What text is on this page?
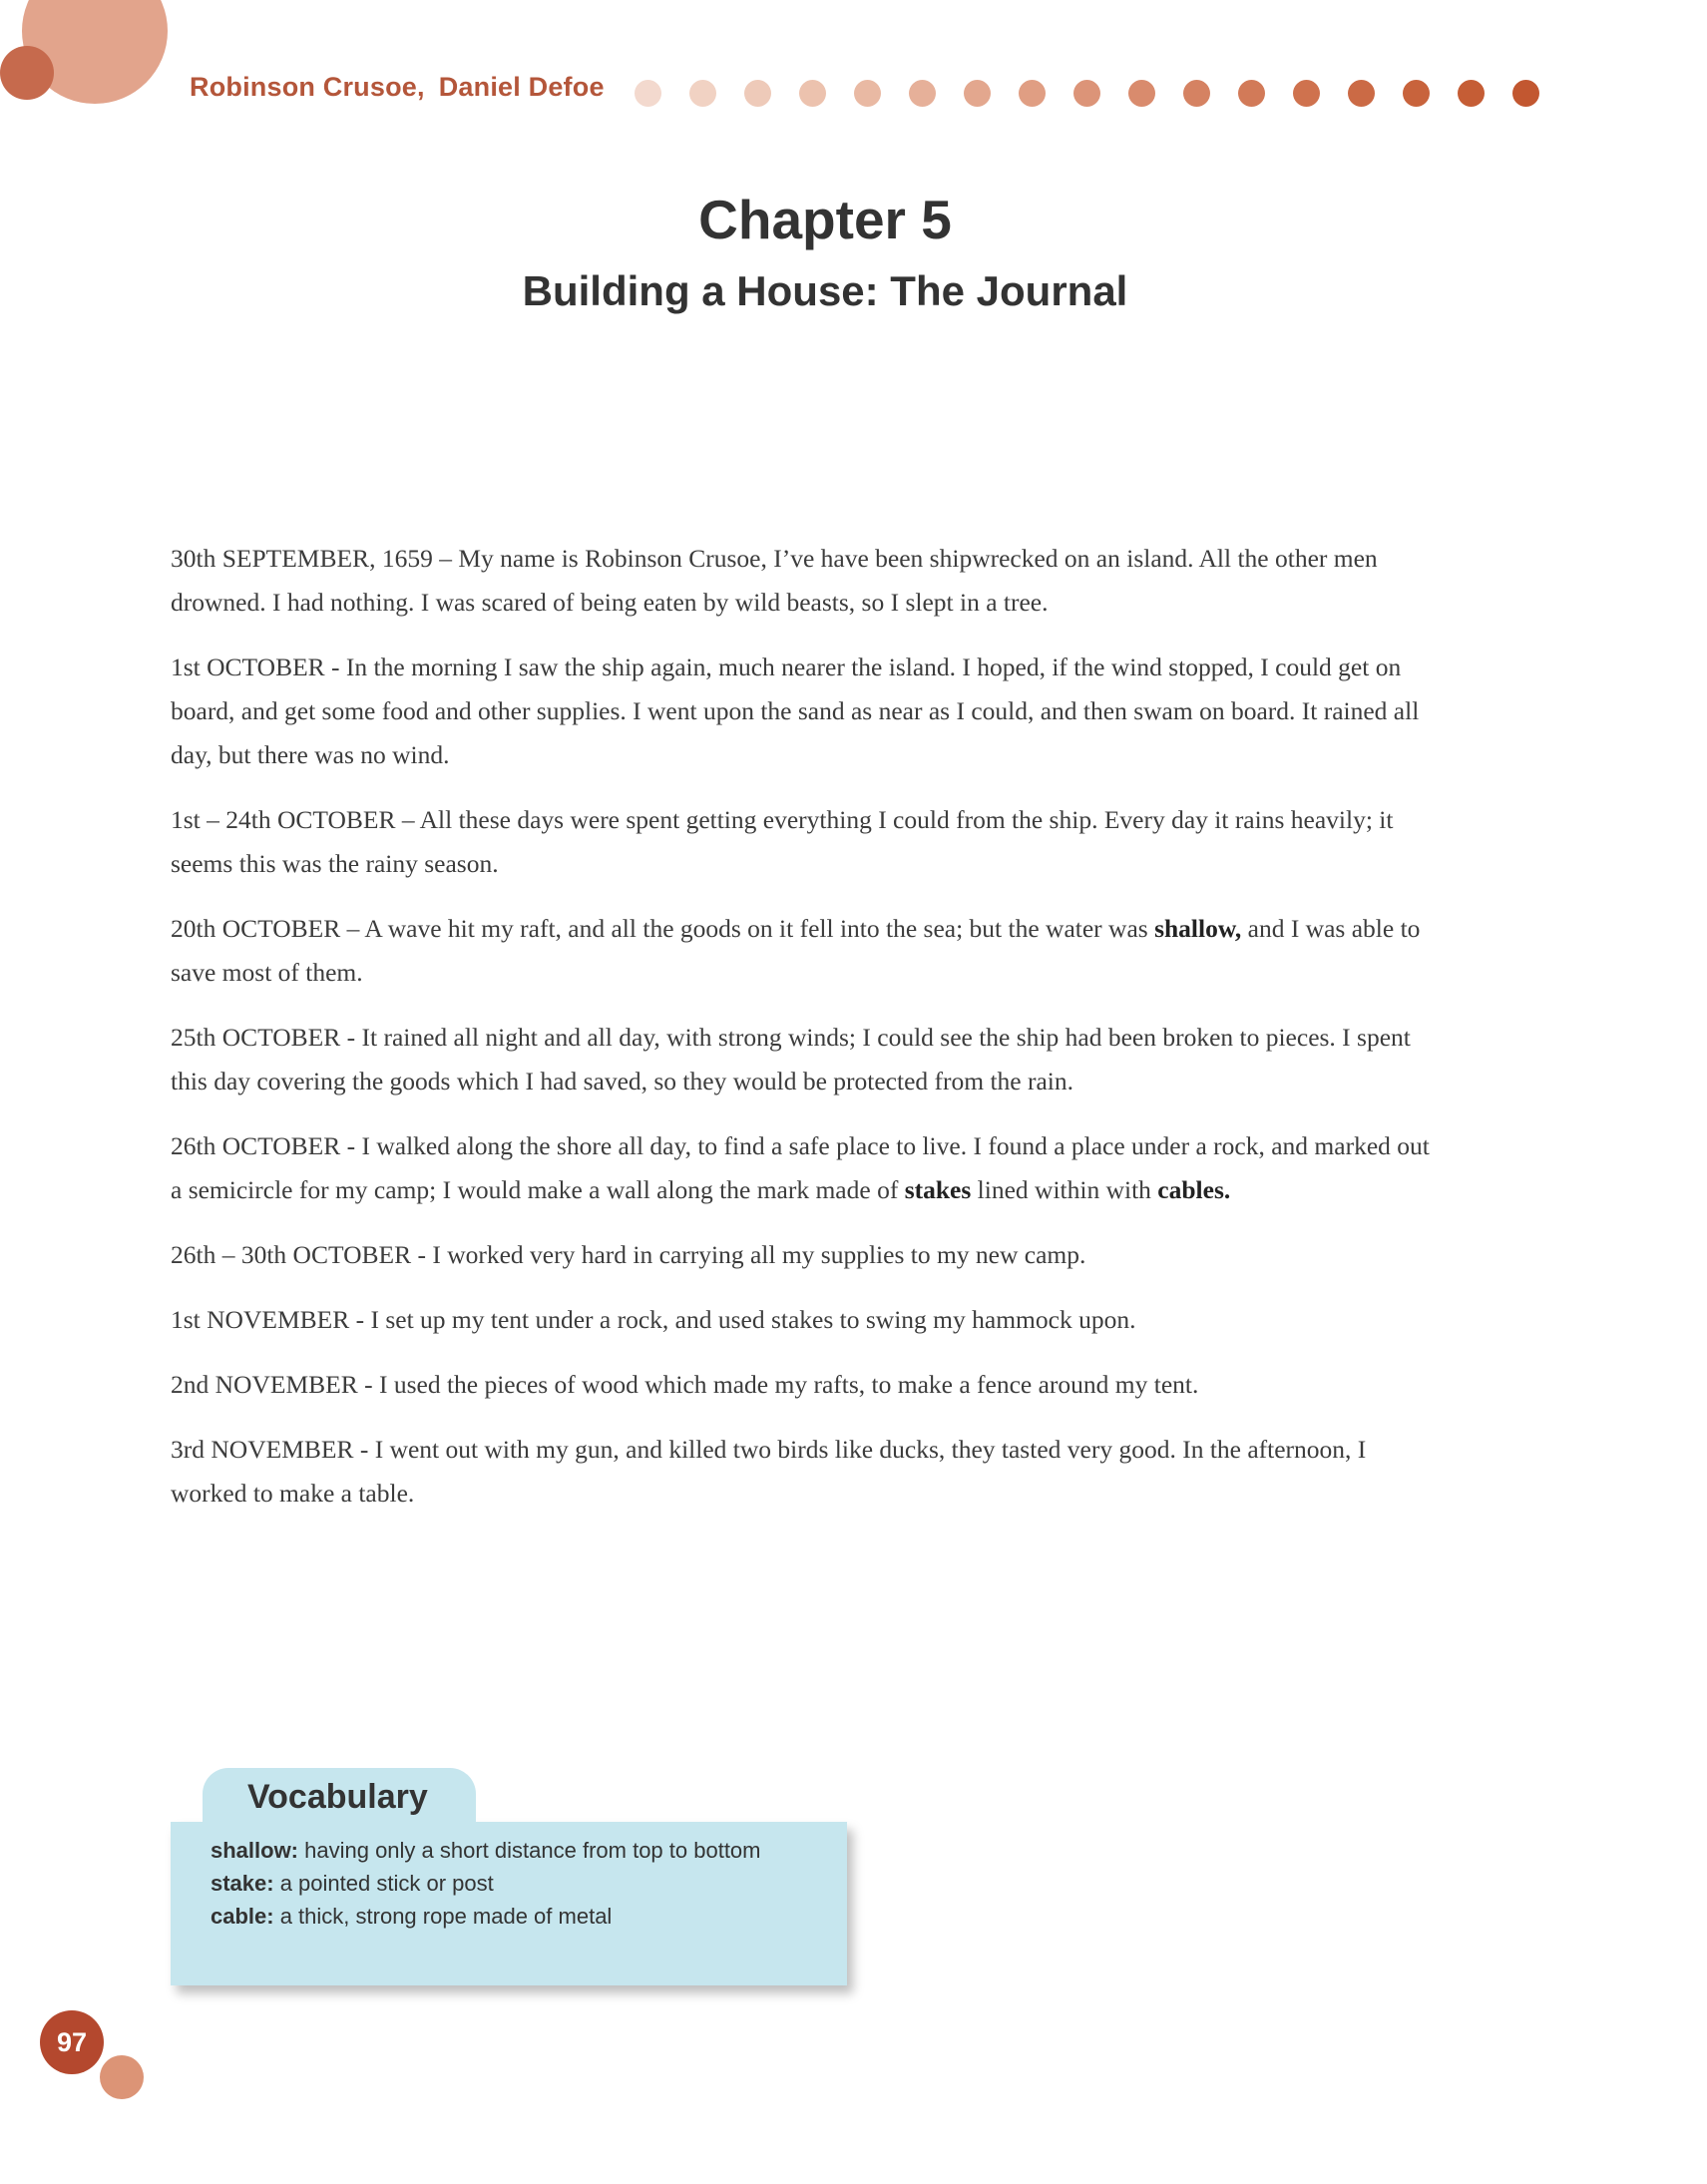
Robinson Crusoe, Daniel Defoe
Chapter 5
Building a House: The Journal

30th SEPTEMBER, 1659 – My name is Robinson Crusoe, I’ve have been shipwrecked on an island. All the other men drowned. I had nothing. I was scared of being eaten by wild beasts, so I slept in a tree.

1st OCTOBER - In the morning I saw the ship again, much nearer the island. I hoped, if the wind stopped, I could get on board, and get some food and other supplies. I went upon the sand as near as I could, and then swam on board. It rained all day, but there was no wind.

1st – 24th OCTOBER – All these days were spent getting everything I could from the ship. Every day it rains heavily; it seems this was the rainy season.

20th OCTOBER – A wave hit my raft, and all the goods on it fell into the sea; but the water was shallow, and I was able to save most of them.

25th OCTOBER - It rained all night and all day, with strong winds; I could see the ship had been broken to pieces. I spent this day covering the goods which I had saved, so they would be protected from the rain.

26th OCTOBER - I walked along the shore all day, to find a safe place to live. I found a place under a rock, and marked out a semicircle for my camp; I would make a wall along the mark made of stakes lined within with cables.

26th – 30th OCTOBER - I worked very hard in carrying all my supplies to my new camp.

1st NOVEMBER - I set up my tent under a rock, and used stakes to swing my hammock upon.

2nd NOVEMBER - I used the pieces of wood which made my rafts, to make a fence around my tent.

3rd NOVEMBER - I went out with my gun, and killed two birds like ducks, they tasted very good. In the afternoon, I worked to make a table.

Vocabulary
shallow: having only a short distance from top to bottom
stake: a pointed stick or post
cable: a thick, strong rope made of metal
97
